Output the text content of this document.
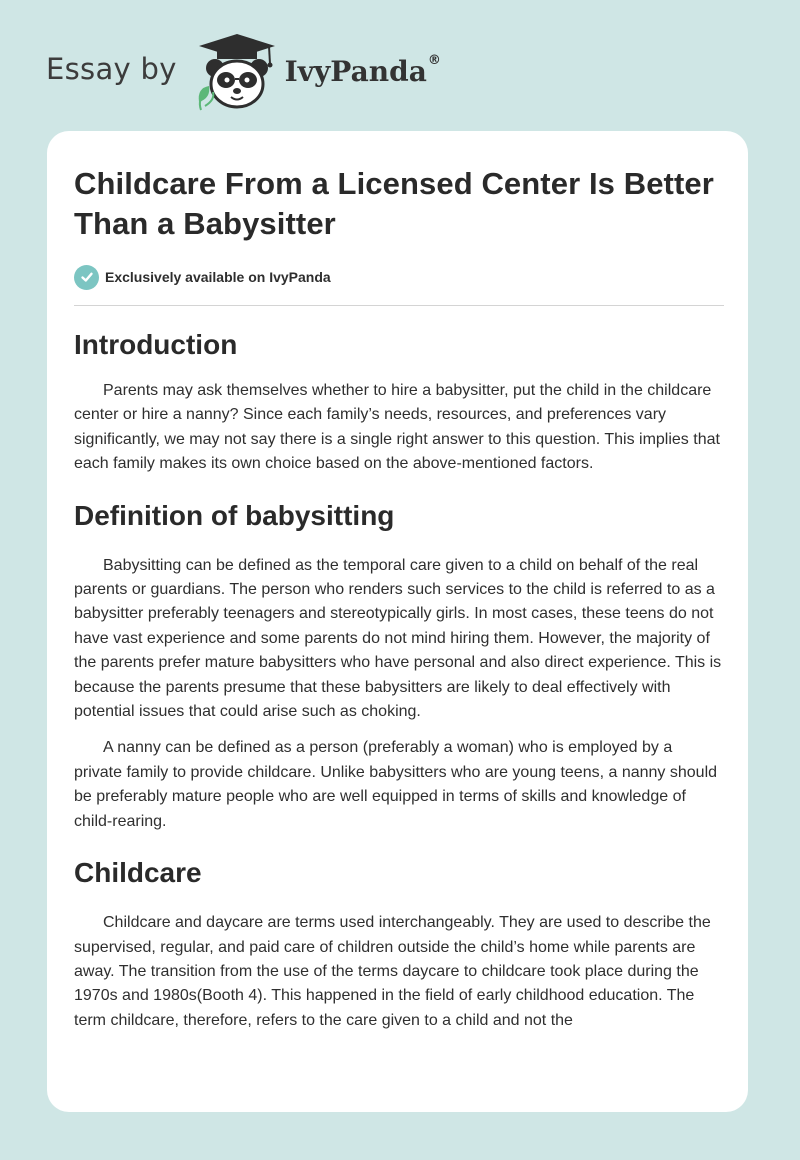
Essay by	IvyPanda®
Childcare From a Licensed Center Is Better Than a Babysitter
Exclusively available on IvyPanda
Introduction

Parents may ask themselves whether to hire a babysitter, put the child in the childcare center or hire a nanny? Since each family’s needs, resources, and preferences vary significantly, we may not say there is a single right answer to this question. This implies that each family makes its own choice based on the above-mentioned factors.

Definition of babysitting

Babysitting can be defined as the temporal care given to a child on behalf of the real parents or guardians. The person who renders such services to the child is referred to as a babysitter preferably teenagers and stereotypically girls. In most cases, these teens do not have vast experience and some parents do not mind hiring them. However, the majority of the parents prefer mature babysitters who have personal and also direct experience. This is because the parents presume that these babysitters are likely to deal effectively with potential issues that could arise such as choking.

A nanny can be defined as a person (preferably a woman) who is employed by a private family to provide childcare. Unlike babysitters who are young teens, a nanny should be preferably mature people who are well equipped in terms of skills and knowledge of child-rearing.

Childcare

Childcare and daycare are terms used interchangeably. They are used to describe the supervised, regular, and paid care of children outside the child’s home while parents are away. The transition from the use of the terms daycare to childcare took place during the 1970s and 1980s(Booth 4). This happened in the field of early childhood education. The term childcare, therefore, refers to the care given to a child and not the
